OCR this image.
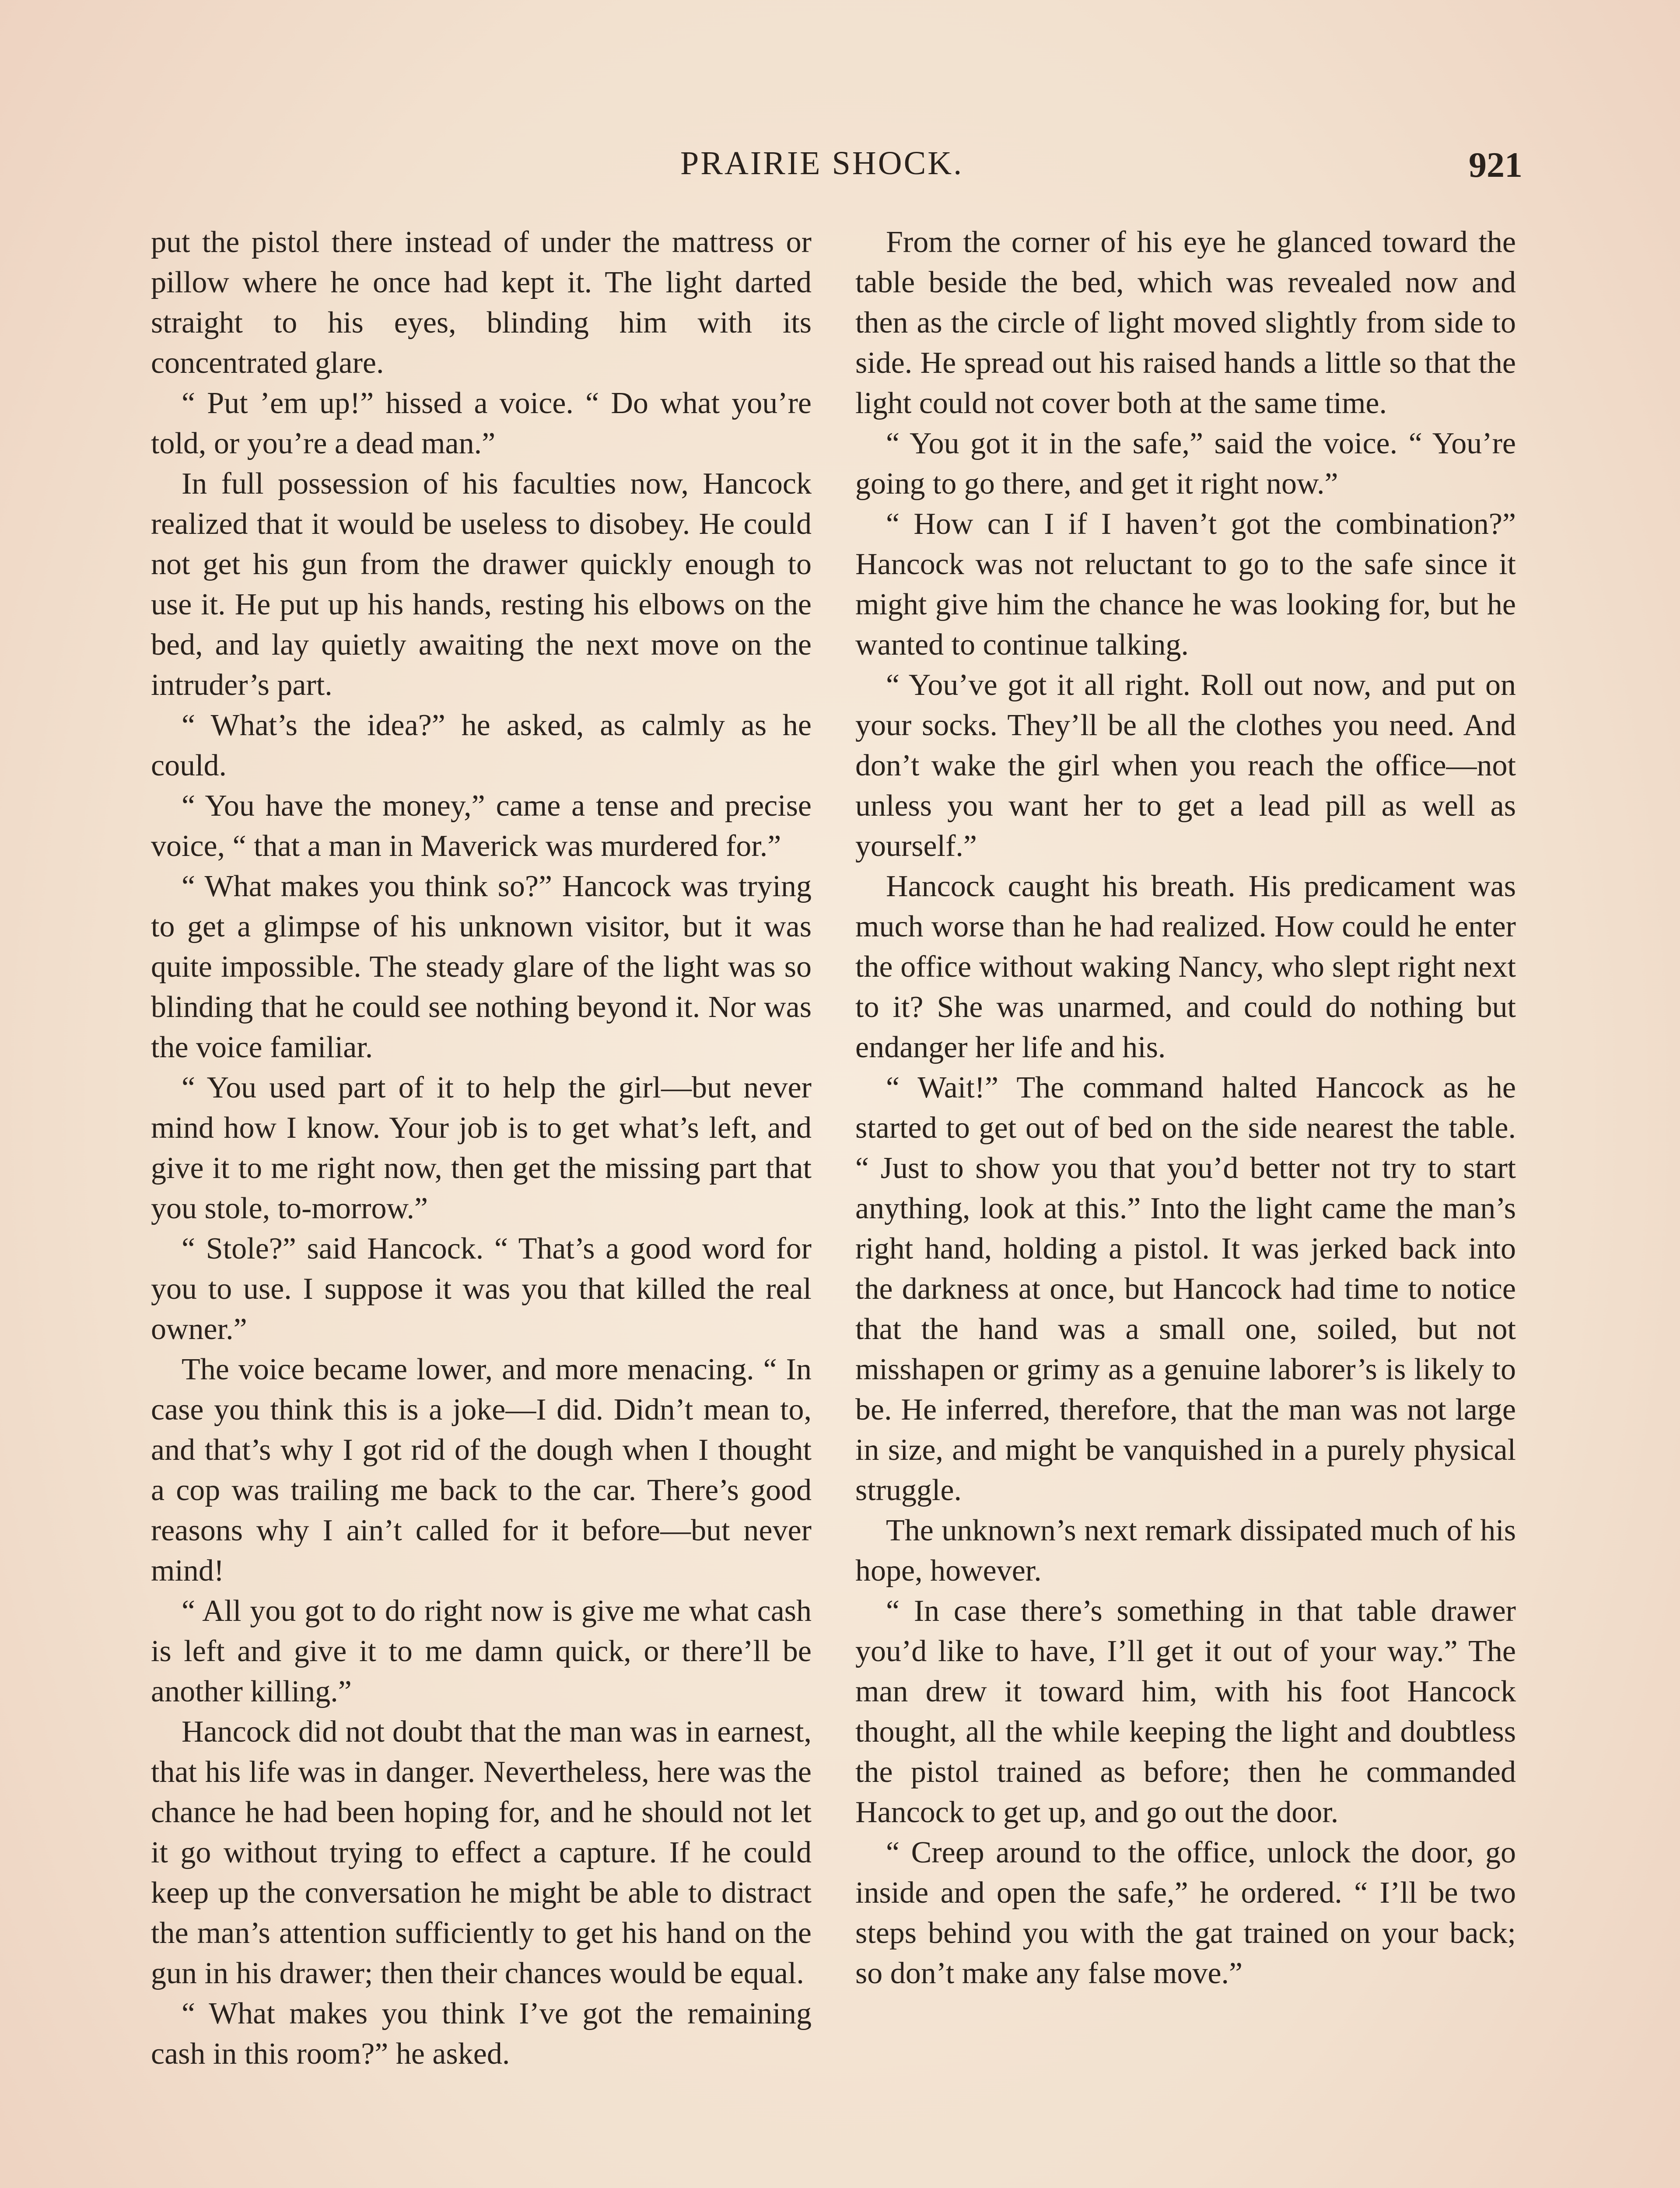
PRAIRIE SHOCK.	921

put the pistol there instead of under the mattress or pillow where he once had kept it. The light darted straight to his eyes, blinding him with its concentrated glare.

“ Put ’em up!” hissed a voice. “ Do what you’re told, or you’re a dead man.”

In full possession of his faculties now, Hancock realized that it would be useless to disobey. He could not get his gun from the drawer quickly enough to use it. He put up his hands, resting his elbows on the bed, and lay quietly awaiting the next move on the intruder’s part.

“ What’s the idea?” he asked, as calmly as he could.

“ You have the money,” came a tense and precise voice, “ that a man in Maverick was murdered for.”

“ What makes you think so?” Hancock was trying to get a glimpse of his unknown visitor, but it was quite impossible. The steady glare of the light was so blinding that he could see nothing beyond it. Nor was the voice familiar.

“ You used part of it to help the girl—but never mind how I know. Your job is to get what’s left, and give it to me right now, then get the missing part that you stole, to-morrow.”

“ Stole?” said Hancock. “ That’s a good word for you to use. I suppose it was you that killed the real owner.”

The voice became lower, and more menacing. “ In case you think this is a joke—I did. Didn’t mean to, and that’s why I got rid of the dough when I thought a cop was trailing me back to the car. There’s good reasons why I ain’t called for it before—but never mind!

“ All you got to do right now is give me what cash is left and give it to me damn quick, or there’ll be another killing.”

Hancock did not doubt that the man was in earnest, that his life was in danger. Nevertheless, here was the chance he had been hoping for, and he should not let it go without trying to effect a capture. If he could keep up the conversation he might be able to distract the man’s attention sufficiently to get his hand on the gun in his drawer; then their chances would be equal.

“ What makes you think I’ve got the remaining cash in this room?” he asked.

From the corner of his eye he glanced toward the table beside the bed, which was revealed now and then as the circle of light moved slightly from side to side. He spread out his raised hands a little so that the light could not cover both at the same time.

“ You got it in the safe,” said the voice. “ You’re going to go there, and get it right now.”

“ How can I if I haven’t got the combination?” Hancock was not reluctant to go to the safe since it might give him the chance he was looking for, but he wanted to continue talking.

“ You’ve got it all right. Roll out now, and put on your socks. They’ll be all the clothes you need. And don’t wake the girl when you reach the office—not unless you want her to get a lead pill as well as yourself.”

Hancock caught his breath. His predicament was much worse than he had realized. How could he enter the office without waking Nancy, who slept right next to it? She was unarmed, and could do nothing but endanger her life and his.

“ Wait!” The command halted Hancock as he started to get out of bed on the side nearest the table. “ Just to show you that you’d better not try to start anything, look at this.” Into the light came the man’s right hand, holding a pistol. It was jerked back into the darkness at once, but Hancock had time to notice that the hand was a small one, soiled, but not misshapen or grimy as a genuine laborer’s is likely to be. He inferred, therefore, that the man was not large in size, and might be vanquished in a purely physical struggle.

The unknown’s next remark dissipated much of his hope, however.

“ In case there’s something in that table drawer you’d like to have, I’ll get it out of your way.” The man drew it toward him, with his foot Hancock thought, all the while keeping the light and doubtless the pistol trained as before; then he commanded Hancock to get up, and go out the door.

“ Creep around to the office, unlock the door, go inside and open the safe,” he ordered. “ I’ll be two steps behind you with the gat trained on your back; so don’t make any false move.”
